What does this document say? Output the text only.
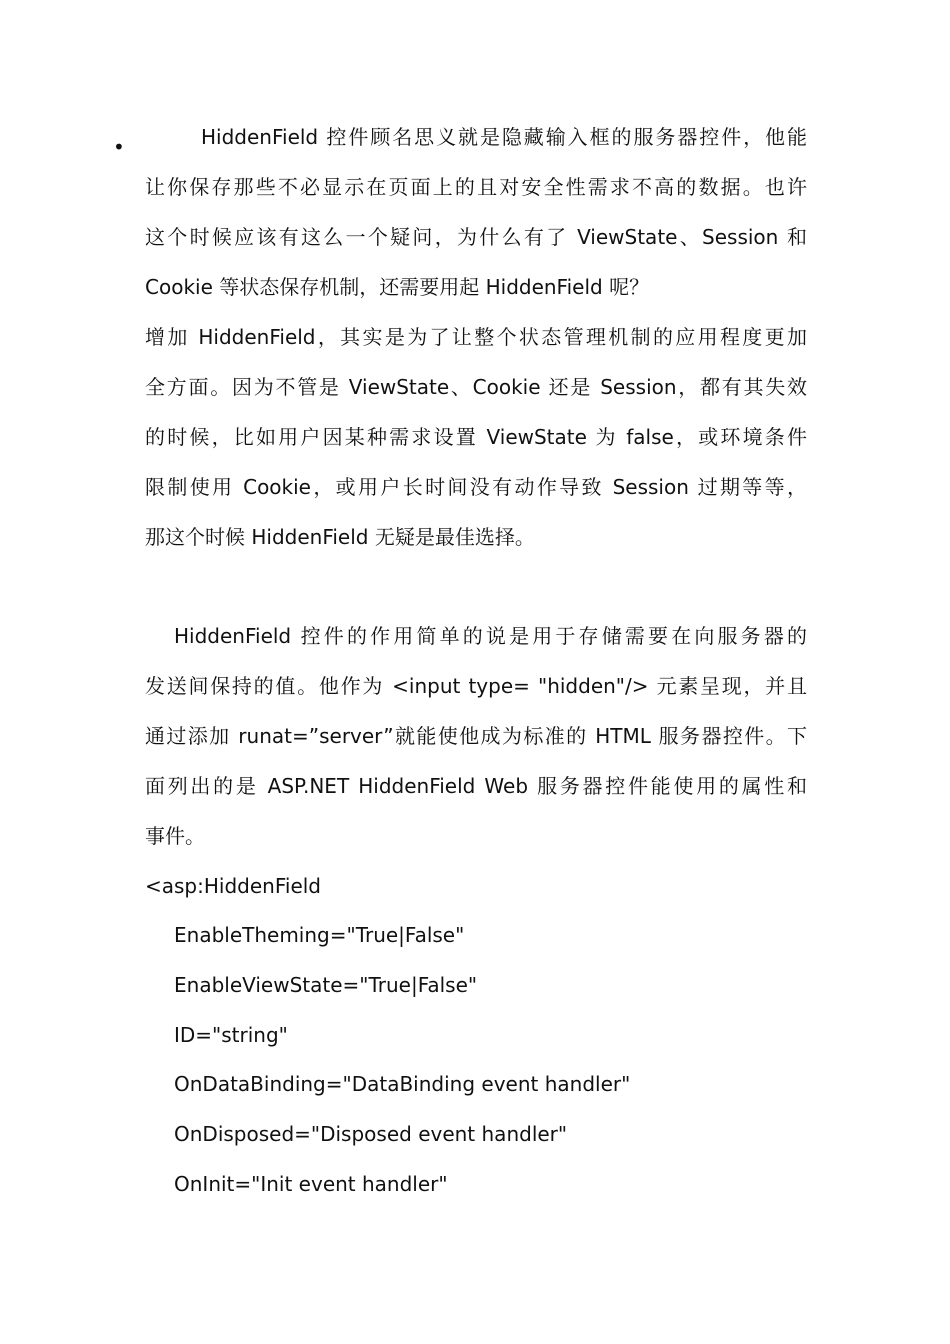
•	HiddenField 控件顾名思义就是隐藏输入框的服务器控件，他能
让你保存那些不必显示在页面上的且对安全性需求不高的数据。也许
这个时候应该有这么一个疑问，为什么有了 ViewState、Session 和
Cookie 等状态保存机制，还需要用起 HiddenField 呢？
增加 HiddenField，其实是为了让整个状态管理机制的应用程度更加
全方面。因为不管是 ViewState、Cookie 还是 Session，都有其失效
的时候，比如用户因某种需求设置 ViewState 为 false，或环境条件
限制使用 Cookie，或用户长时间没有动作导致 Session 过期等等，
那这个时候 HiddenField 无疑是最佳选择。
HiddenField 控件的作用简单的说是用于存储需要在向服务器的
发送间保持的值。他作为 <input type= "hidden"/> 元素呈现，并且
通过添加 runat=”server”就能使他成为标准的 HTML 服务器控件。下
面列出的是 ASP.NET HiddenField Web 服务器控件能使用的属性和
事件。
<asp:HiddenField
EnableTheming="True|False"
EnableViewState="True|False"
ID="string"
OnDataBinding="DataBinding event handler"
OnDisposed="Disposed event handler"
OnInit="Init event handler"
